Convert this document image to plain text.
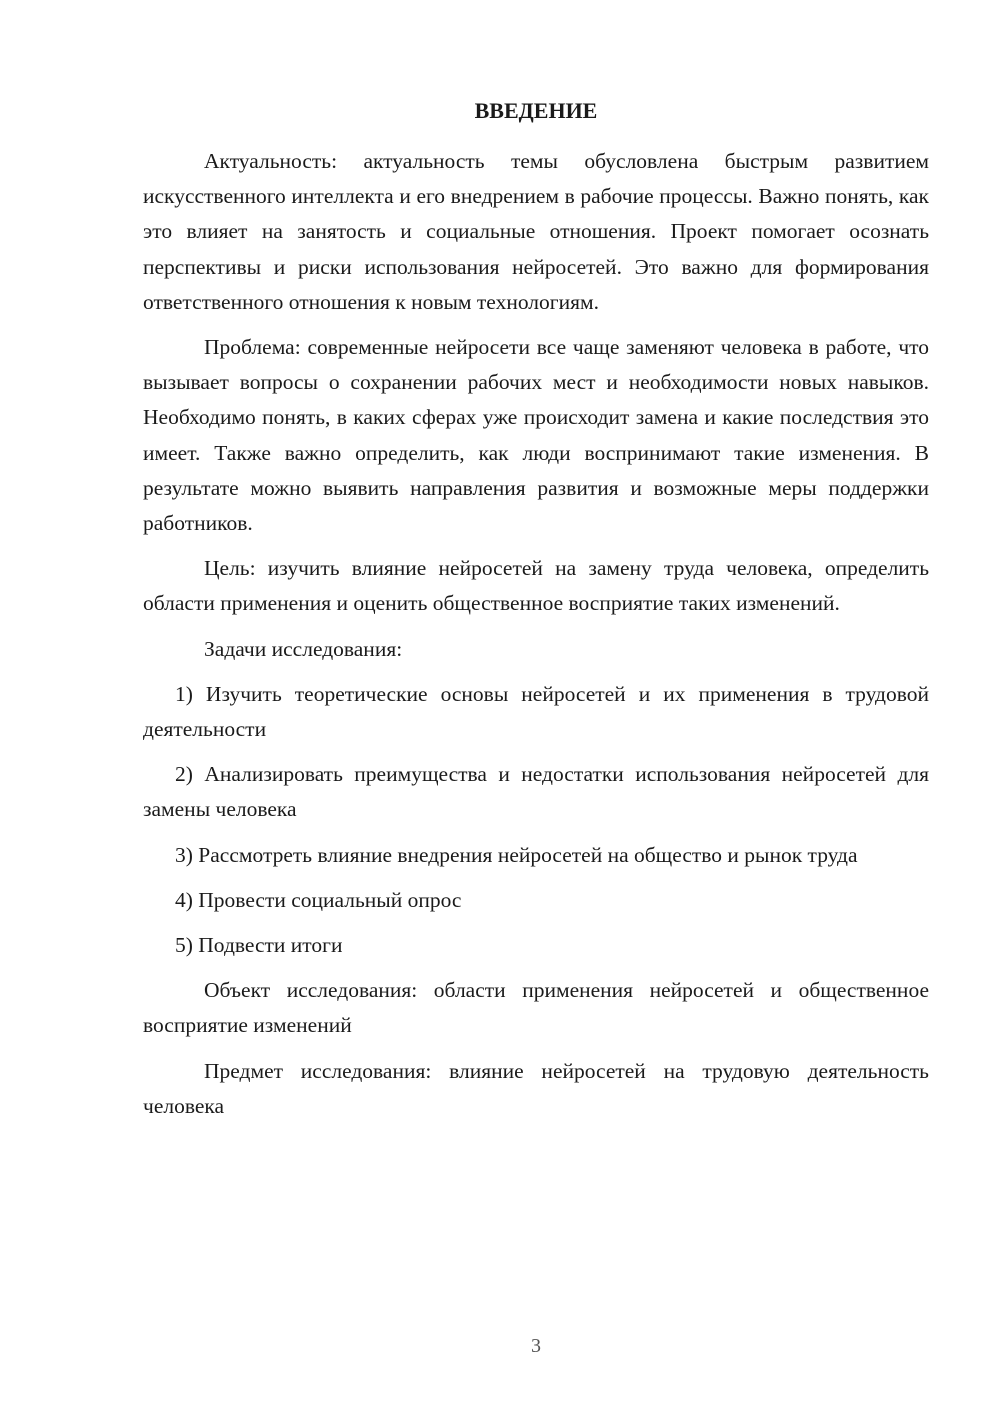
ВВЕДЕНИЕ

Актуальность: актуальность темы обусловлена быстрым развитием искусственного интеллекта и его внедрением в рабочие процессы. Важно понять, как это влияет на занятость и социальные отношения. Проект помогает осознать перспективы и риски использования нейросетей. Это важно для формирования ответственного отношения к новым технологиям.

Проблема: современные нейросети все чаще заменяют человека в работе, что вызывает вопросы о сохранении рабочих мест и необходимости новых навыков. Необходимо понять, в каких сферах уже происходит замена и какие последствия это имеет. Также важно определить, как люди воспринимают такие изменения. В результате можно выявить направления развития и возможные меры поддержки работников.

Цель: изучить влияние нейросетей на замену труда человека, определить области применения и оценить общественное восприятие таких изменений.

Задачи исследования:

1) Изучить теоретические основы нейросетей и их применения в трудовой деятельности

2) Анализировать преимущества и недостатки использования нейросетей для замены человека

3) Рассмотреть влияние внедрения нейросетей на общество и рынок труда

4) Провести социальный опрос

5) Подвести итоги

Объект исследования: области применения нейросетей и общественное восприятие изменений

Предмет исследования: влияние нейросетей на трудовую деятельность человека

3
